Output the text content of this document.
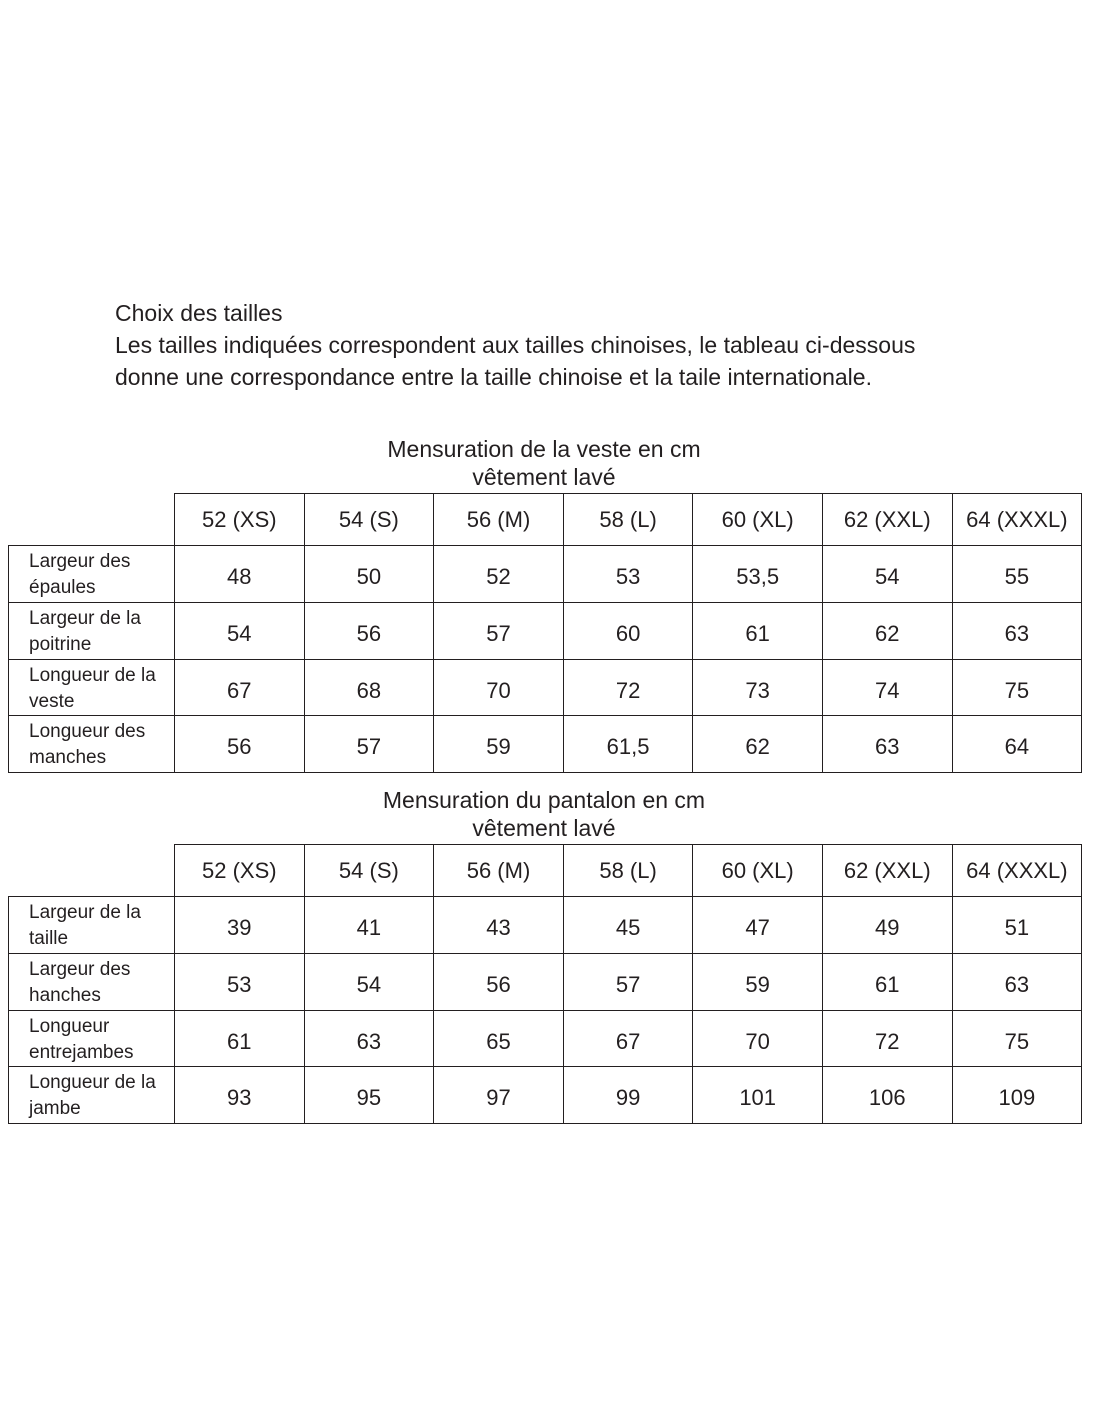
Choix des tailles
Les tailles indiquées correspondent aux tailles chinoises, le tableau ci-dessous
donne une correspondance entre la taille chinoise et la taile internationale.
Mensuration de la veste en cm
vêtement lavé
	52 (XS)	54 (S)	56 (M)	58 (L)	60 (XL)	62 (XXL)	64 (XXXL)
Largeur des épaules	48	50	52	53	53,5	54	55
Largeur de la poitrine	54	56	57	60	61	62	63
Longueur de la veste	67	68	70	72	73	74	75
Longueur des manches	56	57	59	61,5	62	63	64
Mensuration du pantalon en cm
vêtement lavé
	52 (XS)	54 (S)	56 (M)	58 (L)	60 (XL)	62 (XXL)	64 (XXXL)
Largeur de la taille	39	41	43	45	47	49	51
Largeur des hanches	53	54	56	57	59	61	63
Longueur entrejambes	61	63	65	67	70	72	75
Longueur de la jambe	93	95	97	99	101	106	109
